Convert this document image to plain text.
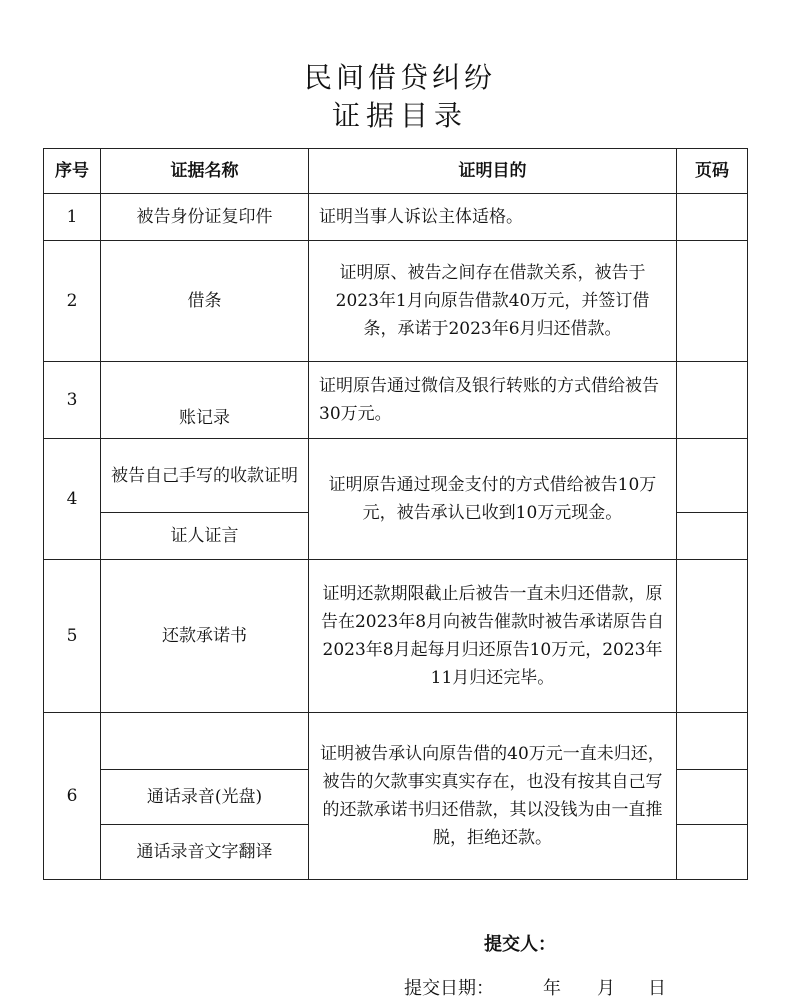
民间借贷纠纷
证据目录
序号	证据名称	证明目的	页码
1	被告身份证复印件	证明当事人诉讼主体适格。	
2	借条	证明原、被告之间存在借款关系，被告于2023年1月向原告借款40万元，并签订借条，承诺于2023年6月归还借款。	
3	账记录	证明原告通过微信及银行转账的方式借给被告30万元。	
4	被告自己手写的收款证明	证明原告通过现金支付的方式借给被告10万元，被告承认已收到10万元现金。	
	证人证言		
5	还款承诺书	证明还款期限截止后被告一直未归还借款，原告在2023年8月向被告催款时被告承诺原告自2023年8月起每月归还原告10万元，2023年11月归还完毕。	
6		证明被告承认向原告借的40万元一直未归还，被告的欠款事实真实存在，也没有按其自己写的还款承诺书归还借款，其以没钱为由一直推脱，拒绝还款。	
	通话录音(光盘)		
	通话录音文字翻译		
提交人：
提交日期：	年 月 日
